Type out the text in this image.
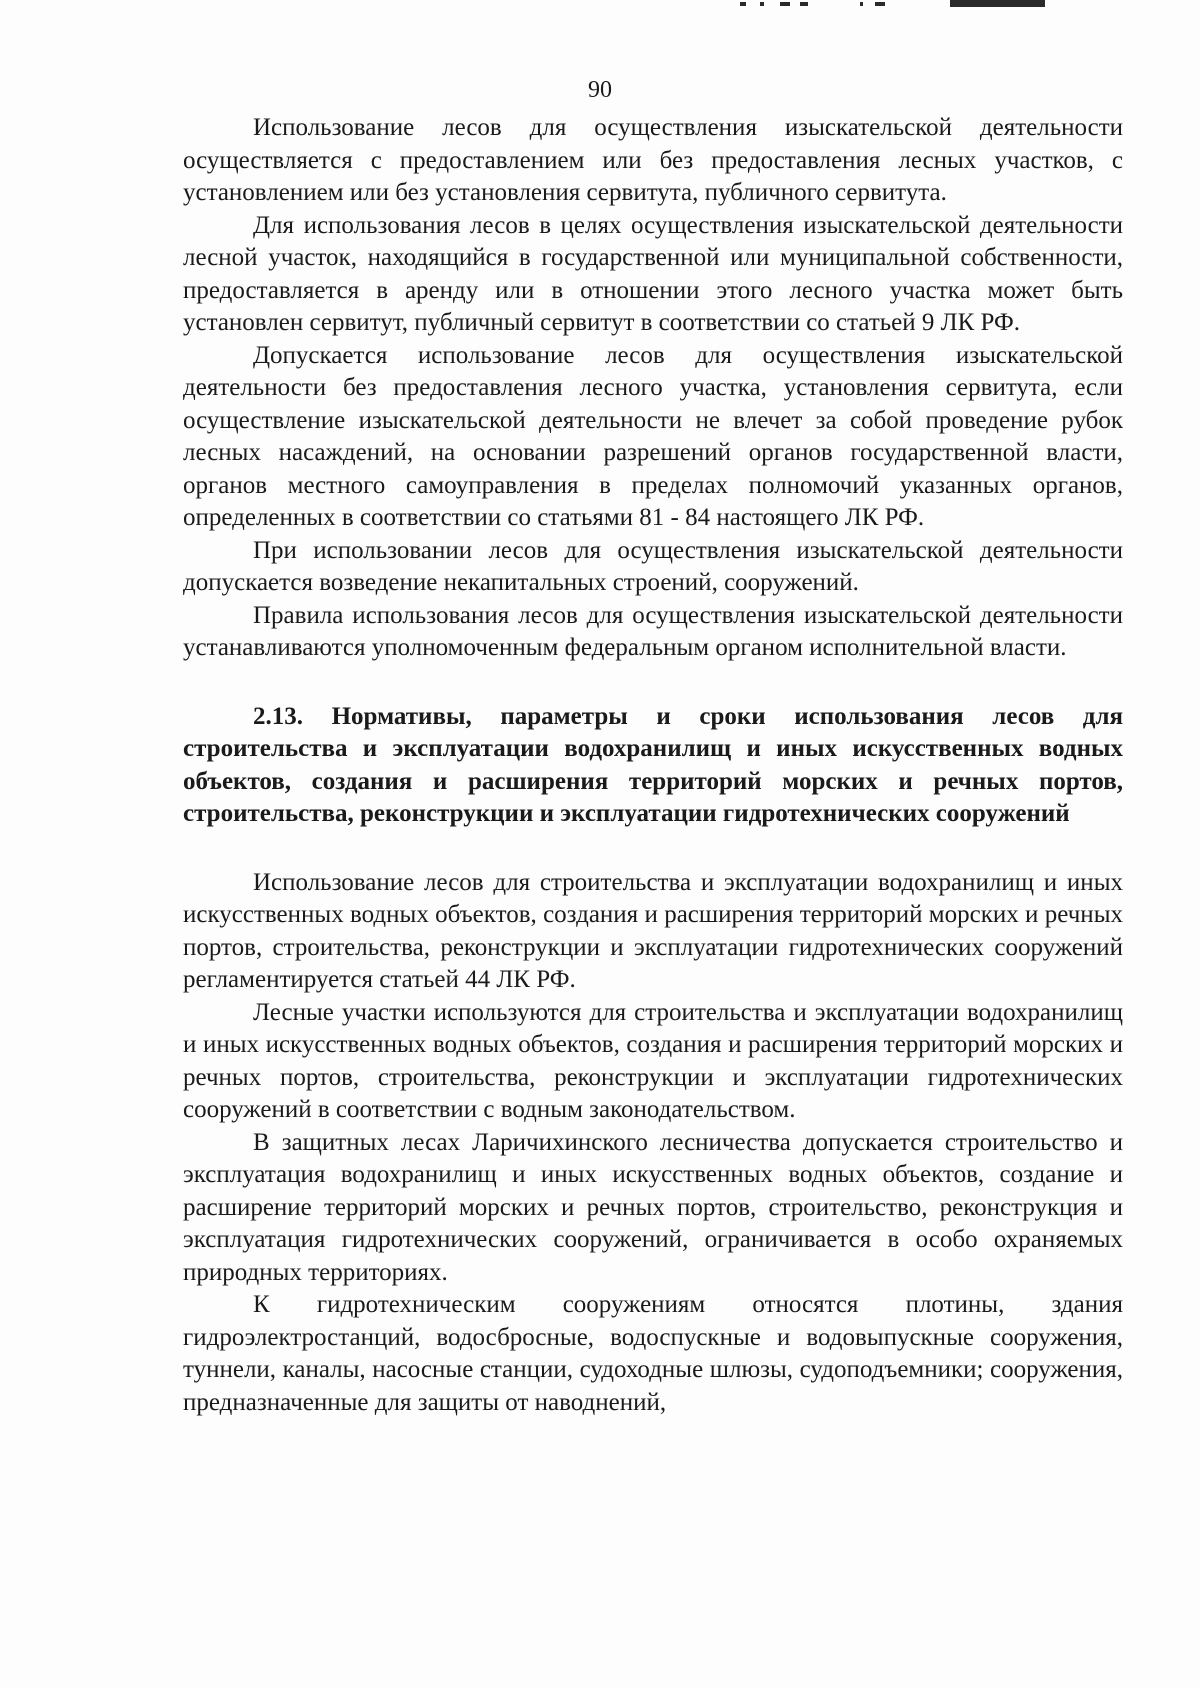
90

Использование лесов для осуществления изыскательской деятельности осуществляется с предоставлением или без предоставления лесных участков, с установлением или без установления сервитута, публичного сервитута.

Для использования лесов в целях осуществления изыскательской деятельности лесной участок, находящийся в государственной или муниципальной собственности, предоставляется в аренду или в отношении этого лесного участка может быть установлен сервитут, публичный сервитут в соответствии со статьей 9 ЛК РФ.

Допускается использование лесов для осуществления изыскательской деятельности без предоставления лесного участка, установления сервитута, если осуществление изыскательской деятельности не влечет за собой проведение рубок лесных насаждений, на основании разрешений органов государственной власти, органов местного самоуправления в пределах полномочий указанных органов, определенных в соответствии со статьями 81 - 84 настоящего ЛК РФ.

При использовании лесов для осуществления изыскательской деятельности допускается возведение некапитальных строений, сооружений.

Правила использования лесов для осуществления изыскательской деятельности устанавливаются уполномоченным федеральным органом исполнительной власти.

2.13. Нормативы, параметры и сроки использования лесов для строительства и эксплуатации водохранилищ и иных искусственных водных объектов, создания и расширения территорий морских и речных портов, строительства, реконструкции и эксплуатации гидротехнических сооружений

Использование лесов для строительства и эксплуатации водохранилищ и иных искусственных водных объектов, создания и расширения территорий морских и речных портов, строительства, реконструкции и эксплуатации гидротехнических сооружений регламентируется статьей 44 ЛК РФ.

Лесные участки используются для строительства и эксплуатации водохранилищ и иных искусственных водных объектов, создания и расширения территорий морских и речных портов, строительства, реконструкции и эксплуатации гидротехнических сооружений в соответствии с водным законодательством.

В защитных лесах Ларичихинского лесничества допускается строительство и эксплуатация водохранилищ и иных искусственных водных объектов, создание и расширение территорий морских и речных портов, строительство, реконструкция и эксплуатация гидротехнических сооружений, ограничивается в особо охраняемых природных территориях.

К гидротехническим сооружениям относятся плотины, здания гидроэлектростанций, водосбросные, водоспускные и водовыпускные сооружения, туннели, каналы, насосные станции, судоходные шлюзы, судоподъемники; сооружения, предназначенные для защиты от наводнений,
